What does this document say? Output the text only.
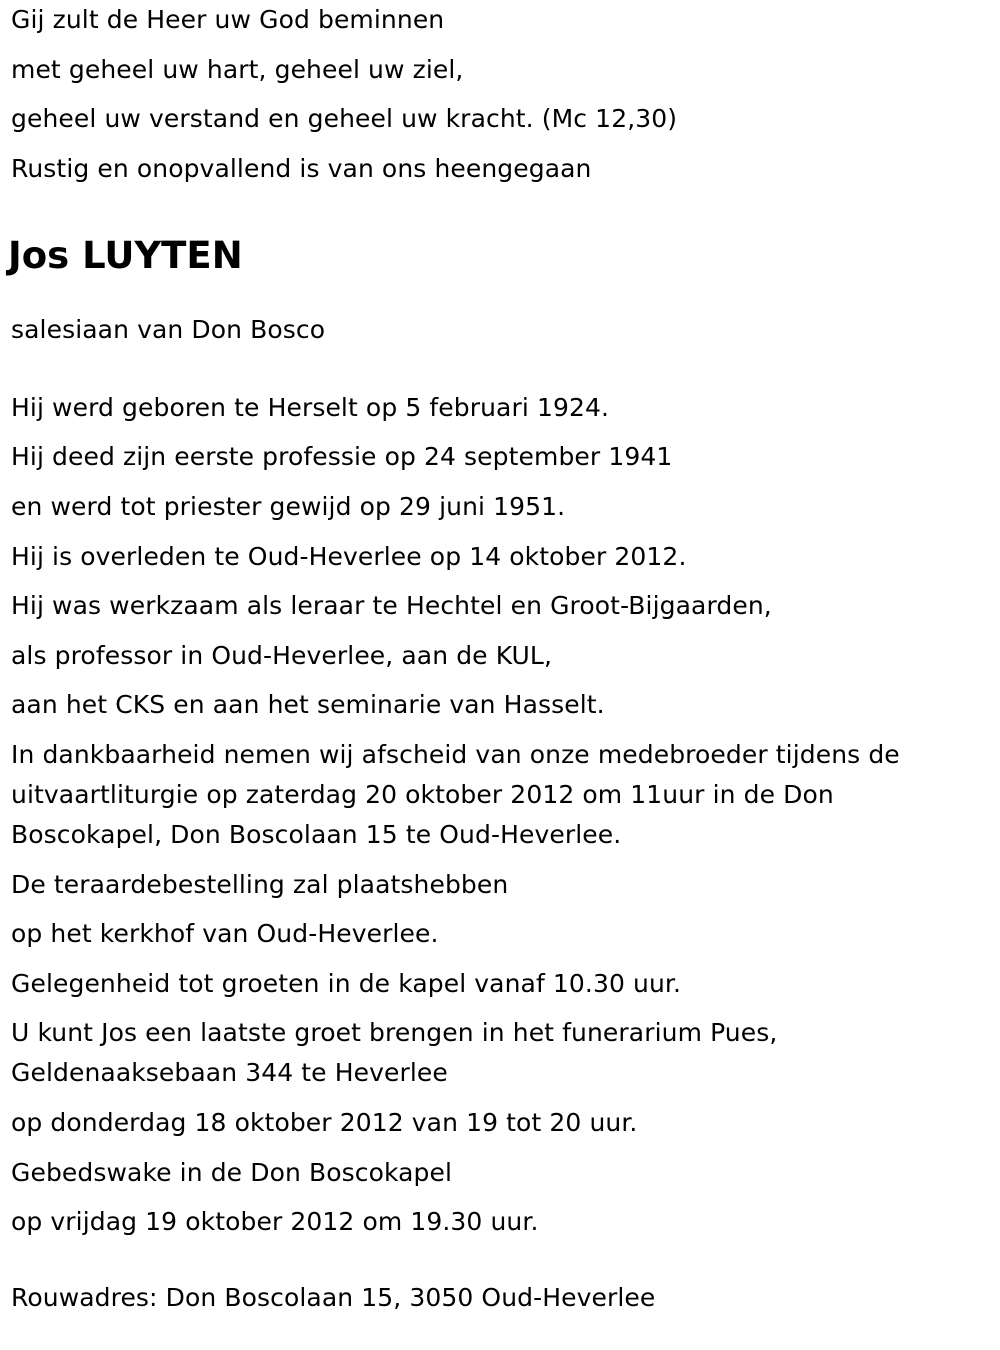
Gij zult de Heer uw God beminnen

met geheel uw hart, geheel uw ziel,

geheel uw verstand en geheel uw kracht. (Mc 12,30)

Rustig en onopvallend is van ons heengegaan

Jos LUYTEN

salesiaan van Don Bosco

Hij werd geboren te Herselt op 5 februari 1924.

Hij deed zijn eerste professie op 24 september 1941

en werd tot priester gewijd op 29 juni 1951.

Hij is overleden te Oud-Heverlee op 14 oktober 2012.

Hij was werkzaam als leraar te Hechtel en Groot-Bijgaarden,

als professor in Oud-Heverlee, aan de KUL,

aan het CKS en aan het seminarie van Hasselt.

In dankbaarheid nemen wij afscheid van onze medebroeder tijdens de uitvaartliturgie op zaterdag 20 oktober 2012 om 11uur in de Don Boscokapel, Don Boscolaan 15 te Oud-Heverlee.

De teraardebestelling zal plaatshebben

op het kerkhof van Oud-Heverlee.

Gelegenheid tot groeten in de kapel vanaf 10.30 uur.

U kunt Jos een laatste groet brengen in het funerarium Pues, Geldenaaksebaan 344 te Heverlee

op donderdag 18 oktober 2012 van 19 tot 20 uur.

Gebedswake in de Don Boscokapel

op vrijdag 19 oktober 2012 om 19.30 uur.

Rouwadres: Don Boscolaan 15, 3050 Oud-Heverlee
